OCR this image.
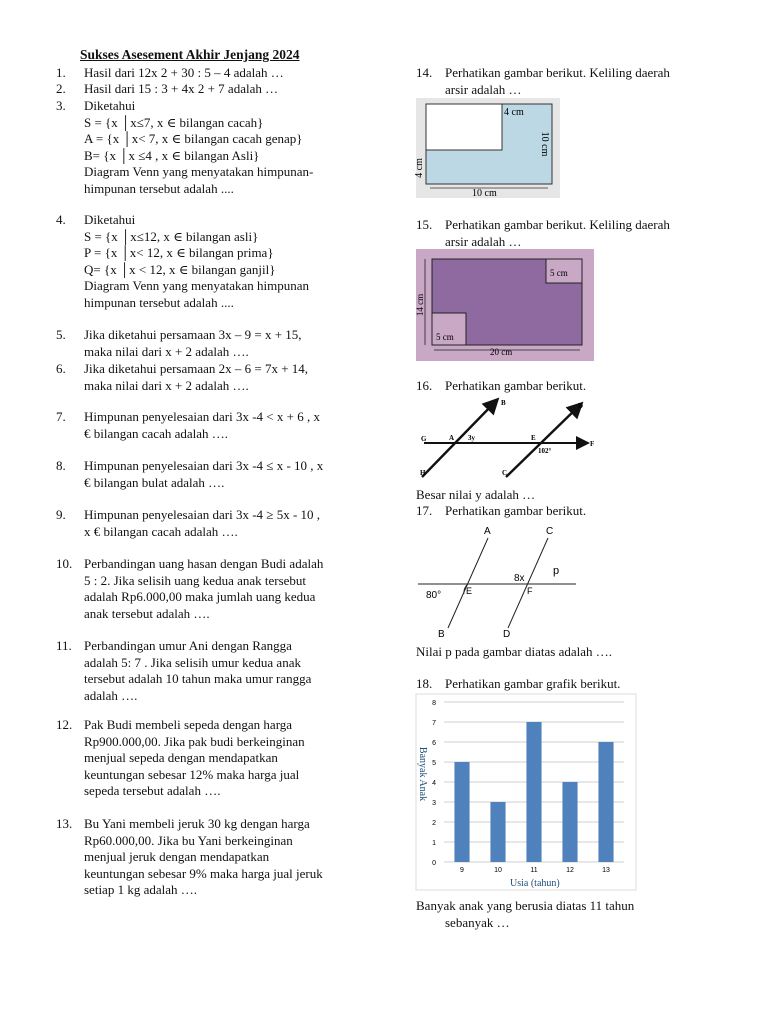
Sukses Asesement Akhir Jenjang 2024
1. Hasil dari 12x 2 + 30 : 5 – 4 adalah …
2. Hasil dari 15 : 3 + 4x 2 + 7 adalah …
3. Diketahui
S = {x │x≤7, x ∈ bilangan cacah}
A = {x │x< 7, x ∈ bilangan cacah genap}
B= {x │x ≤4 , x ∈ bilangan Asli}
Diagram Venn yang menyatakan himpunan-
himpunan tersebut adalah ....
4. Diketahui
S = {x │x≤12, x ∈ bilangan asli}
P = {x │x< 12, x ∈ bilangan prima}
Q= {x │x < 12, x ∈ bilangan ganjil}
Diagram Venn yang menyatakan himpunan
himpunan tersebut adalah ....
5. Jika diketahui persamaan 3x – 9 = x + 15,
maka nilai dari x + 2 adalah ….
6. Jika diketahui persamaan 2x – 6 = 7x + 14,
maka nilai dari x + 2 adalah ….
7. Himpunan penyelesaian dari 3x -4 < x + 6 , x
€ bilangan cacah adalah ….
8. Himpunan penyelesaian dari 3x -4 ≤ x - 10 , x
€ bilangan bulat adalah ….
9. Himpunan penyelesaian dari 3x -4 ≥ 5x - 10 ,
x € bilangan cacah adalah ….
10. Perbandingan uang hasan dengan Budi adalah
5 : 2. Jika selisih uang kedua anak tersebut
adalah Rp6.000,00 maka jumlah uang kedua
anak tersebut adalah ….
11. Perbandingan umur Ani dengan Rangga
adalah 5: 7 . Jika selisih umur kedua anak
tersebut adalah 10 tahun maka umur rangga
adalah ….
12. Pak Budi membeli sepeda dengan harga
Rp900.000,00. Jika pak budi berkeinginan
menjual sepeda dengan mendapatkan
keuntungan sebesar 12% maka harga jual
sepeda tersebut adalah ….
13. Bu Yani membeli jeruk 30 kg dengan harga
Rp60.000,00. Jika bu Yani berkeinginan
menjual jeruk dengan mendapatkan
keuntungan sebesar 9% maka harga jual jeruk
setiap 1 kg adalah ….
14. Perhatikan gambar berikut. Keliling daerah
arsir adalah …
4 cm
10 cm
4 cm
10 cm
15. Perhatikan gambar berikut. Keliling daerah
arsir adalah …
5 cm
5 cm
14 cm
20 cm
16. Perhatikan gambar berikut.
B	D
G	A 3y	E
F
102°
H	C
Besar nilai y adalah …
17. Perhatikan gambar berikut.
A	C
p
8x
80°	E	F
B	D
Nilai p pada gambar diatas adalah ….
18. Perhatikan gambar grafik berikut.
0
1
2
3
4
5
6
7
8
9	10	11	12	13
Usia (tahun)
Banyak Anak
Banyak anak yang berusia diatas 11 tahun
sebanyak …
